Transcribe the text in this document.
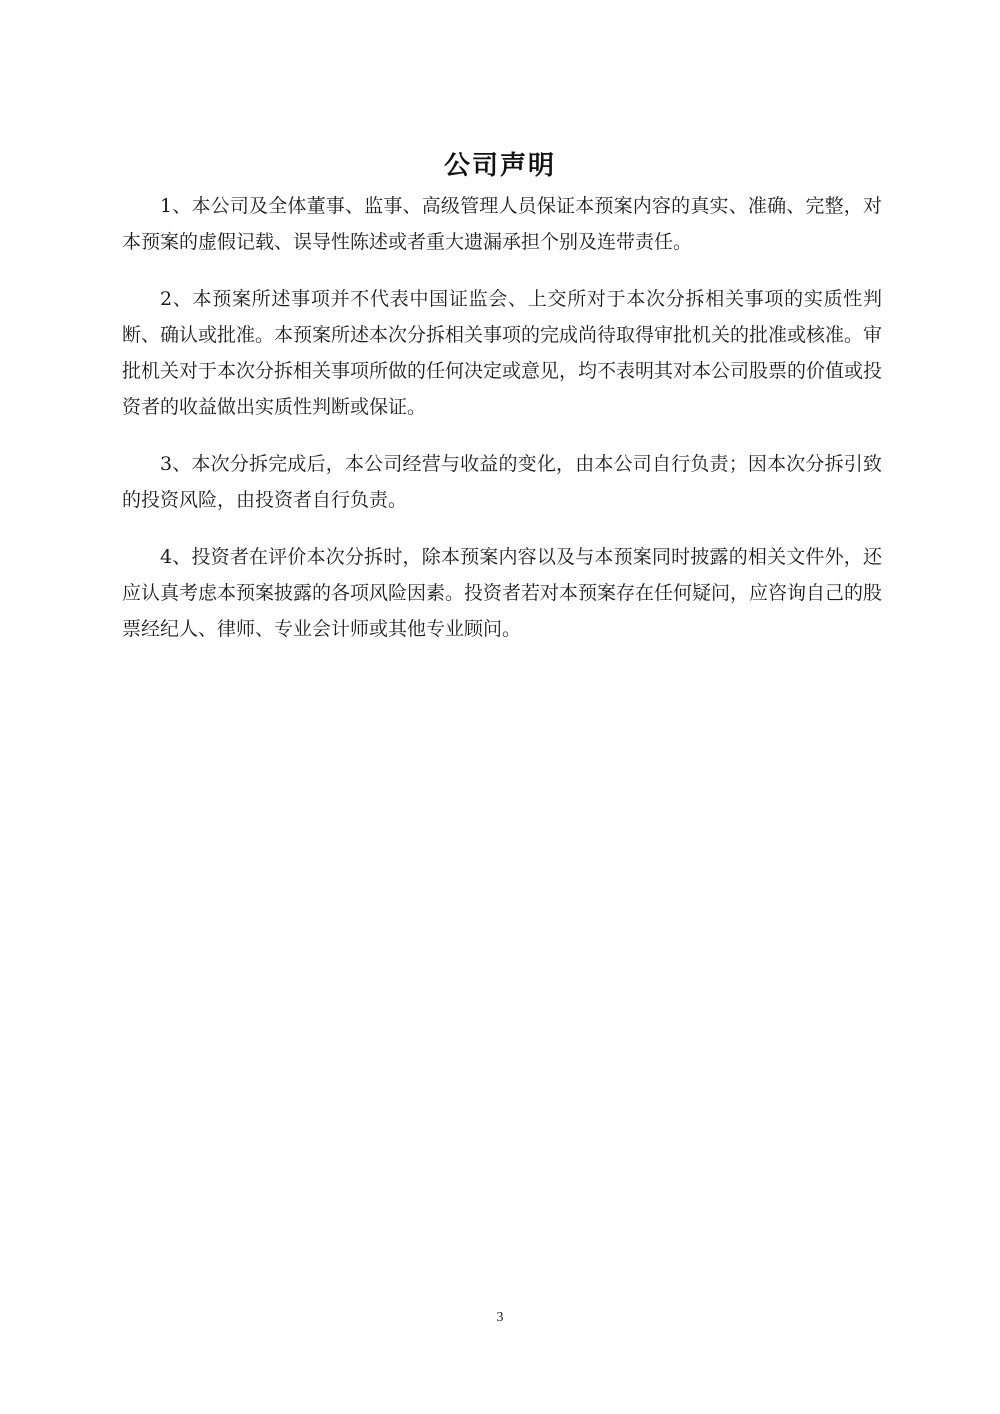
公司声明

1、本公司及全体董事、监事、高级管理人员保证本预案内容的真实、准确、完整，对本预案的虚假记载、误导性陈述或者重大遗漏承担个别及连带责任。

2、本预案所述事项并不代表中国证监会、上交所对于本次分拆相关事项的实质性判断、确认或批准。本预案所述本次分拆相关事项的完成尚待取得审批机关的批准或核准。审批机关对于本次分拆相关事项所做的任何决定或意见，均不表明其对本公司股票的价值或投资者的收益做出实质性判断或保证。

3、本次分拆完成后，本公司经营与收益的变化，由本公司自行负责；因本次分拆引致的投资风险，由投资者自行负责。

4、投资者在评价本次分拆时，除本预案内容以及与本预案同时披露的相关文件外，还应认真考虑本预案披露的各项风险因素。投资者若对本预案存在任何疑问，应咨询自己的股票经纪人、律师、专业会计师或其他专业顾问。

3
